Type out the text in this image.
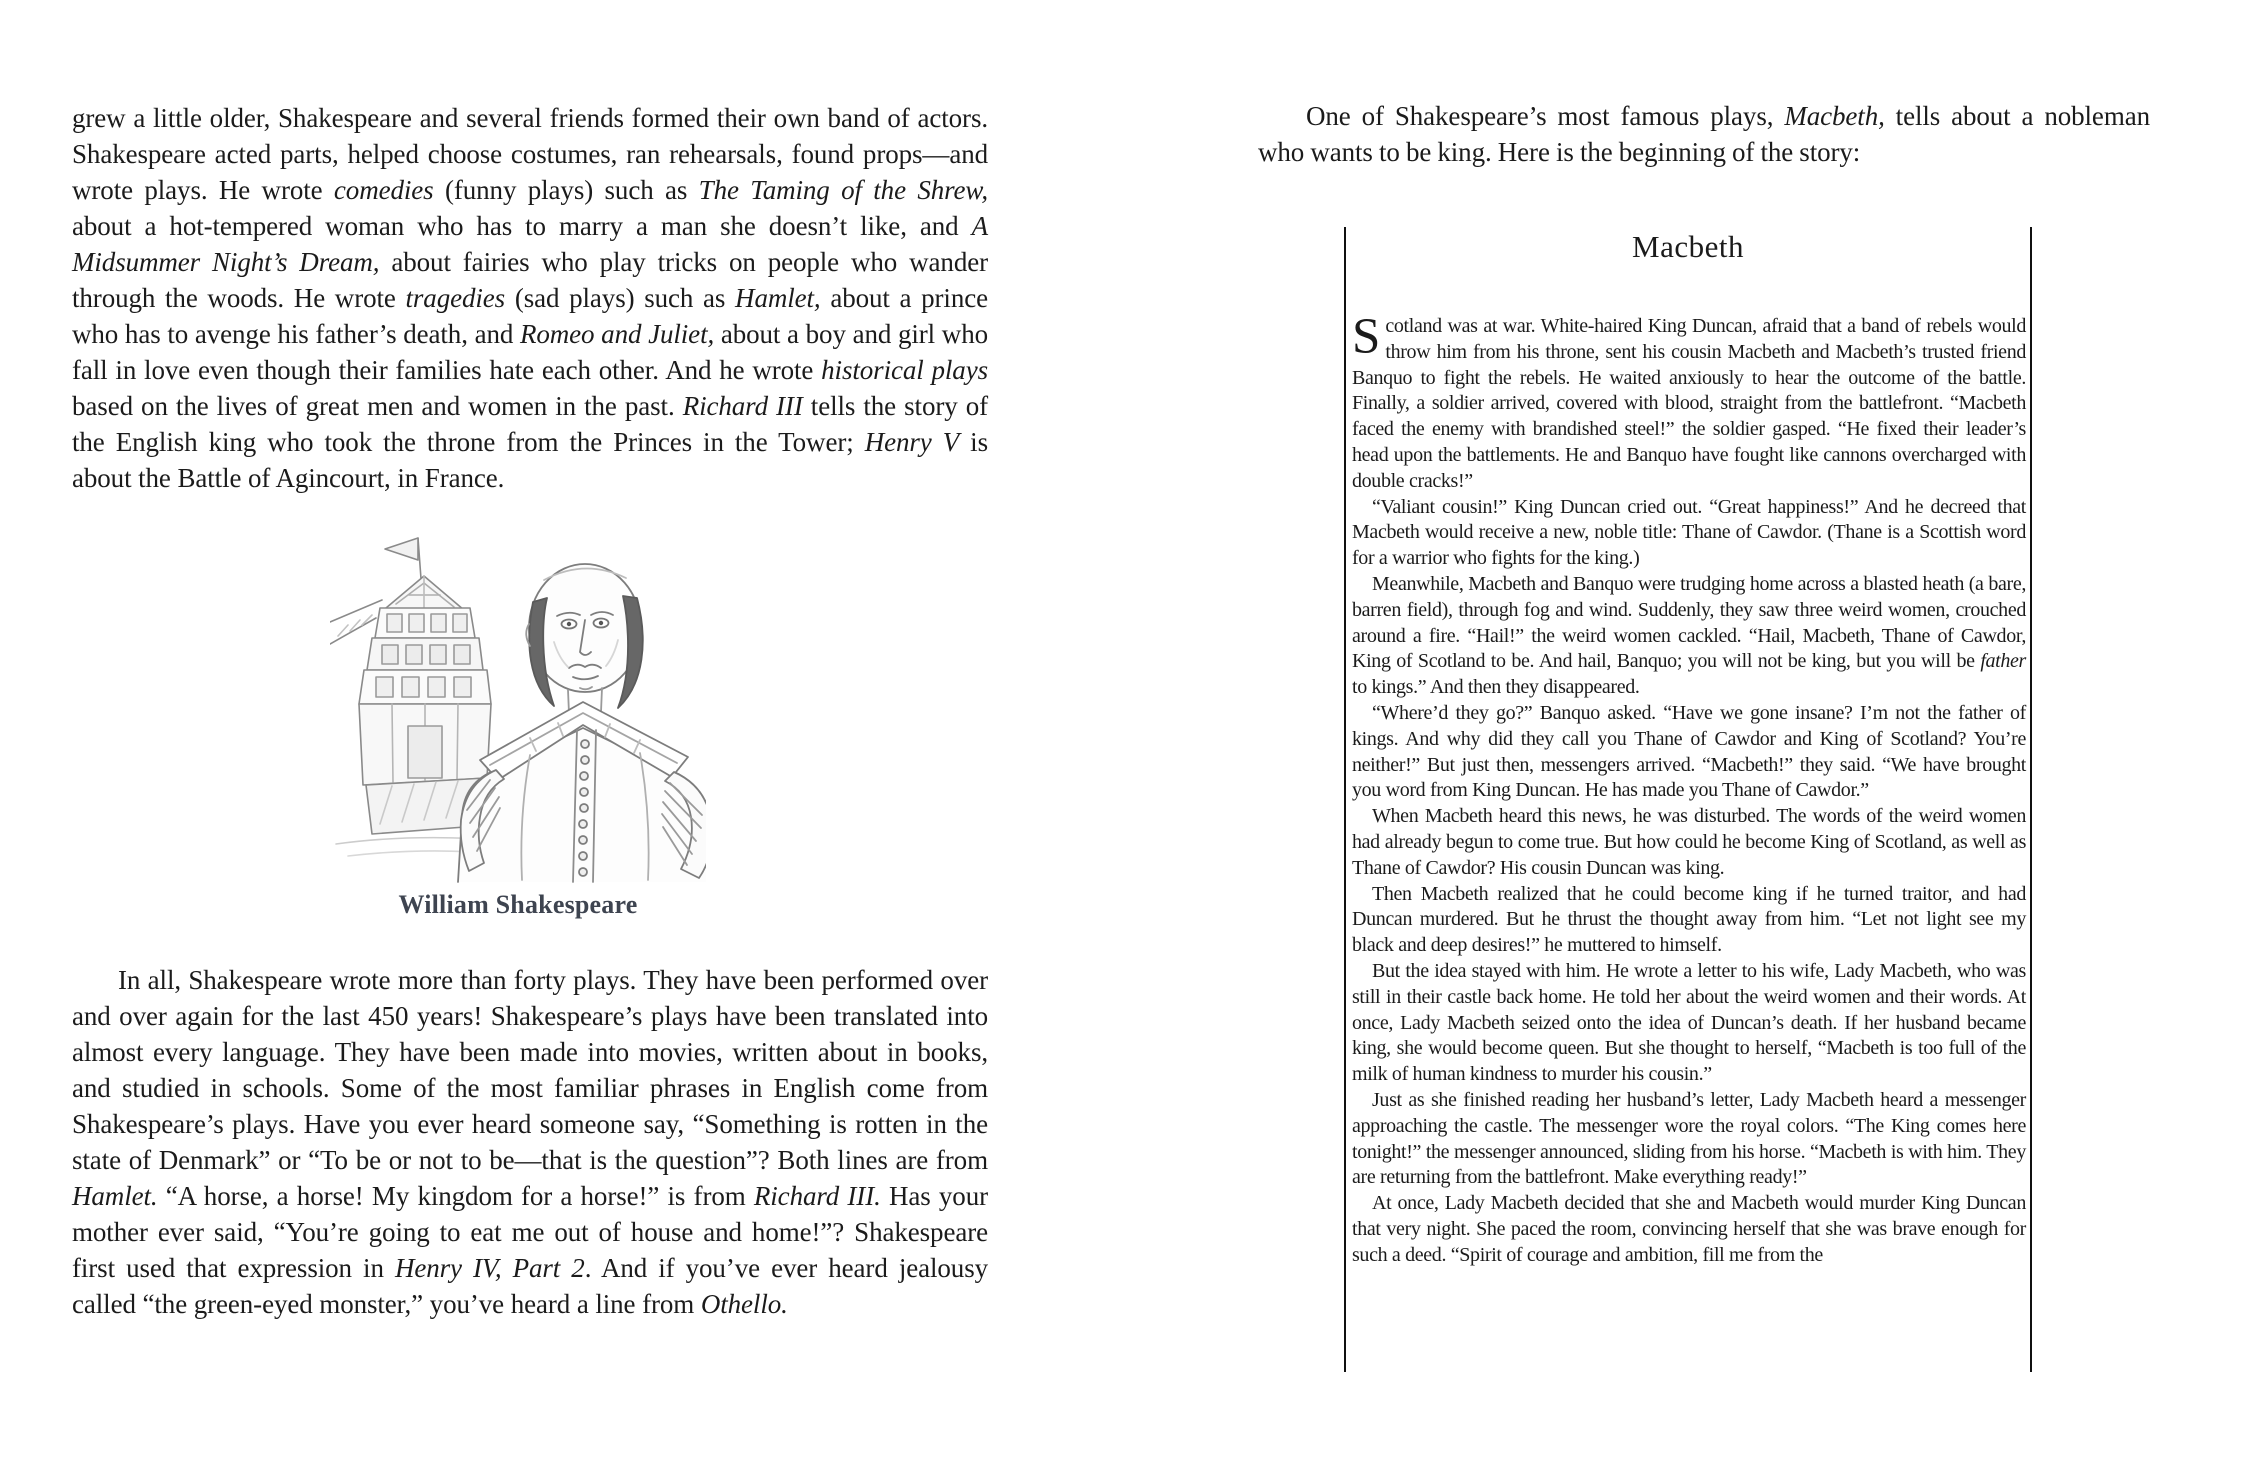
grew a little older, Shakespeare and several friends formed their own band of actors. Shakespeare acted parts, helped choose costumes, ran rehearsals, found props—and wrote plays. He wrote comedies (funny plays) such as The Taming of the Shrew, about a hot-tempered woman who has to marry a man she doesn’t like, and A Midsummer Night’s Dream, about fairies who play tricks on people who wander through the woods. He wrote tragedies (sad plays) such as Hamlet, about a prince who has to avenge his father’s death, and Romeo and Juliet, about a boy and girl who fall in love even though their families hate each other. And he wrote historical plays based on the lives of great men and women in the past. Richard III tells the story of the English king who took the throne from the Princes in the Tower; Henry V is about the Battle of Agincourt, in France.

William Shakespeare

In all, Shakespeare wrote more than forty plays. They have been performed over and over again for the last 450 years! Shakespeare’s plays have been translated into almost every language. They have been made into movies, written about in books, and studied in schools. Some of the most familiar phrases in English come from Shakespeare’s plays. Have you ever heard someone say, “Something is rotten in the state of Denmark” or “To be or not to be—that is the question”? Both lines are from Hamlet. “A horse, a horse! My kingdom for a horse!” is from Richard III. Has your mother ever said, “You’re going to eat me out of house and home!”? Shakespeare first used that expression in Henry IV, Part 2. And if you’ve ever heard jealousy called “the green-eyed monster,” you’ve heard a line from Othello.

One of Shakespeare’s most famous plays, Macbeth, tells about a nobleman who wants to be king. Here is the beginning of the story:

Macbeth

Scotland was at war. White-haired King Duncan, afraid that a band of rebels would throw him from his throne, sent his cousin Macbeth and Macbeth’s trusted friend Banquo to fight the rebels. He waited anxiously to hear the outcome of the battle. Finally, a soldier arrived, covered with blood, straight from the battlefront. “Macbeth faced the enemy with brandished steel!” the soldier gasped. “He fixed their leader’s head upon the battlements. He and Banquo have fought like cannons overcharged with double cracks!”

“Valiant cousin!” King Duncan cried out. “Great happiness!” And he decreed that Macbeth would receive a new, noble title: Thane of Cawdor. (Thane is a Scottish word for a warrior who fights for the king.)

Meanwhile, Macbeth and Banquo were trudging home across a blasted heath (a bare, barren field), through fog and wind. Suddenly, they saw three weird women, crouched around a fire. “Hail!” the weird women cackled. “Hail, Macbeth, Thane of Cawdor, King of Scotland to be. And hail, Banquo; you will not be king, but you will be father to kings.” And then they disappeared.

“Where’d they go?” Banquo asked. “Have we gone insane? I’m not the father of kings. And why did they call you Thane of Cawdor and King of Scotland? You’re neither!” But just then, messengers arrived. “Macbeth!” they said. “We have brought you word from King Duncan. He has made you Thane of Cawdor.”

When Macbeth heard this news, he was disturbed. The words of the weird women had already begun to come true. But how could he become King of Scotland, as well as Thane of Cawdor? His cousin Duncan was king.

Then Macbeth realized that he could become king if he turned traitor, and had Duncan murdered. But he thrust the thought away from him. “Let not light see my black and deep desires!” he muttered to himself.

But the idea stayed with him. He wrote a letter to his wife, Lady Macbeth, who was still in their castle back home. He told her about the weird women and their words. At once, Lady Macbeth seized onto the idea of Duncan’s death. If her husband became king, she would become queen. But she thought to herself, “Macbeth is too full of the milk of human kindness to murder his cousin.”

Just as she finished reading her husband’s letter, Lady Macbeth heard a messenger approaching the castle. The messenger wore the royal colors. “The King comes here tonight!” the messenger announced, sliding from his horse. “Macbeth is with him. They are returning from the battlefront. Make everything ready!”

At once, Lady Macbeth decided that she and Macbeth would murder King Duncan that very night. She paced the room, convincing herself that she was brave enough for such a deed. “Spirit of courage and ambition, fill me from the
